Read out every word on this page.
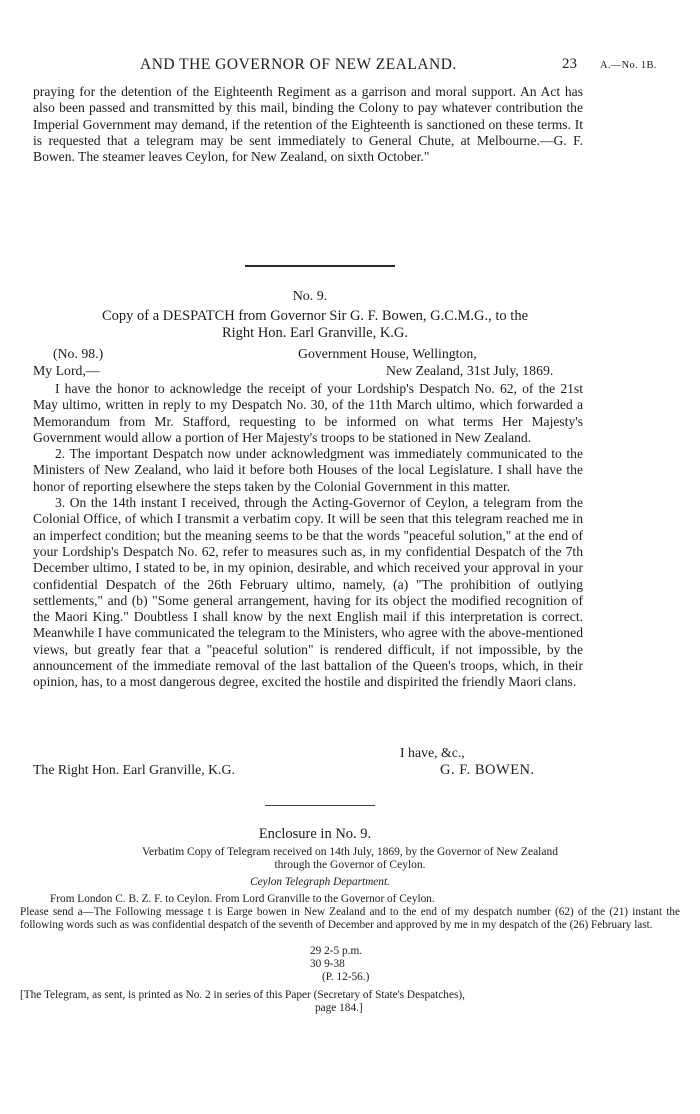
AND THE GOVERNOR OF NEW ZEALAND.	23 A.—No. 1B.

praying for the detention of the Eighteenth Regiment as a garrison and moral support. An Act has also been passed and transmitted by this mail, binding the Colony to pay whatever contribution the Imperial Government may demand, if the retention of the Eighteenth is sanctioned on these terms. It is requested that a telegram may be sent immediately to General Chute, at Melbourne.—G. F. Bowen. The steamer leaves Ceylon, for New Zealand, on sixth October."

No. 9.
Copy of a DESPATCH from Governor Sir G. F. Bowen, G.C.M.G., to the
Right Hon. Earl Granville, K.G.
(No. 98.)	Government House, Wellington,
My Lord,—	New Zealand, 31st July, 1869.

I have the honor to acknowledge the receipt of your Lordship's Despatch No. 62, of the 21st May ultimo, written in reply to my Despatch No. 30, of the 11th March ultimo, which forwarded a Memorandum from Mr. Stafford, requesting to be informed on what terms Her Majesty's Government would allow a portion of Her Majesty's troops to be stationed in New Zealand.

2. The important Despatch now under acknowledgment was immediately communicated to the Ministers of New Zealand, who laid it before both Houses of the local Legislature. I shall have the honor of reporting elsewhere the steps taken by the Colonial Government in this matter.

3. On the 14th instant I received, through the Acting-Governor of Ceylon, a telegram from the Colonial Office, of which I transmit a verbatim copy. It will be seen that this telegram reached me in an imperfect condition; but the meaning seems to be that the words "peaceful solution," at the end of your Lordship's Despatch No. 62, refer to measures such as, in my confidential Despatch of the 7th December ultimo, I stated to be, in my opinion, desirable, and which received your approval in your confidential Despatch of the 26th February ultimo, namely, (a) "The prohibition of outlying settlements," and (b) "Some general arrangement, having for its object the modified recognition of the Maori King." Doubtless I shall know by the next English mail if this interpretation is correct. Meanwhile I have communicated the telegram to the Ministers, who agree with the above-mentioned views, but greatly fear that a "peaceful solution" is rendered difficult, if not impossible, by the announcement of the immediate removal of the last battalion of the Queen's troops, which, in their opinion, has, to a most dangerous degree, excited the hostile and dispirited the friendly Maori clans.

I have, &c.,
The Right Hon. Earl Granville, K.G.	G. F. BOWEN.
Enclosure in No. 9.
Verbatim Copy of Telegram received on 14th July, 1869, by the Governor of New Zealand
through the Governor of Ceylon.
Ceylon Telegraph Department.
From London C. B. Z. F. to Ceylon. From Lord Granville to the Governor of Ceylon.

Please send a—The Following message t is Earge bowen in New Zealand and to the end of my despatch number (62) of the (21) instant the following words such as was confidential despatch of the seventh of December and approved by me in my despatch of the (26) February last.

29 2-5 p.m.
30 9-38
(P. 12-56.)
[The Telegram, as sent, is printed as No. 2 in series of this Paper (Secretary of State's Despatches),
page 184.]
